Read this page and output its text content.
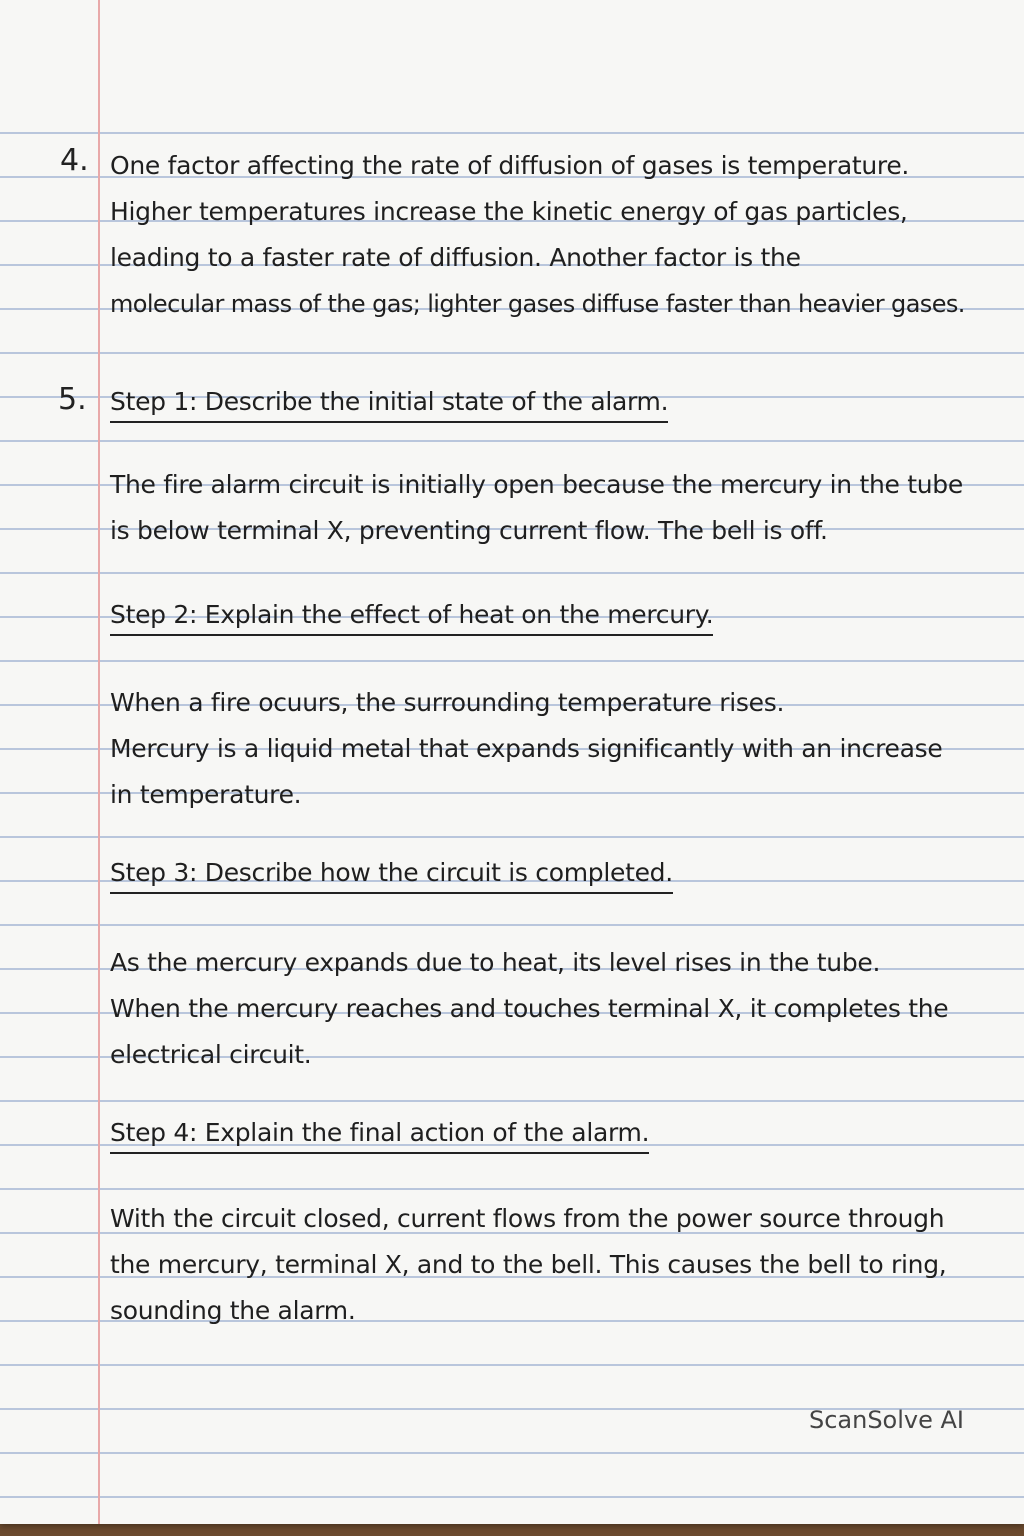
4. One factor affecting the rate of diffusion of gases is temperature.
Higher temperatures increase the kinetic energy of gas particles,
leading to a faster rate of diffusion. Another factor is the
molecular mass of the gas; lighter gases diffuse faster than heavier gases.
5. Step 1: Describe the initial state of the alarm.
The fire alarm circuit is initially open because the mercury in the tube
is below terminal X, preventing current flow. The bell is off.
Step 2: Explain the effect of heat on the mercury.
When a fire ocuurs, the surrounding temperature rises.
Mercury is a liquid metal that expands significantly with an increase
in temperature.
Step 3: Describe how the circuit is completed.
As the mercury expands due to heat, its level rises in the tube.
When the mercury reaches and touches terminal X, it completes the
electrical circuit.
Step 4: Explain the final action of the alarm.
With the circuit closed, current flows from the power source through
the mercury, terminal X, and to the bell. This causes the bell to ring,
sounding the alarm.
ScanSolve AI
